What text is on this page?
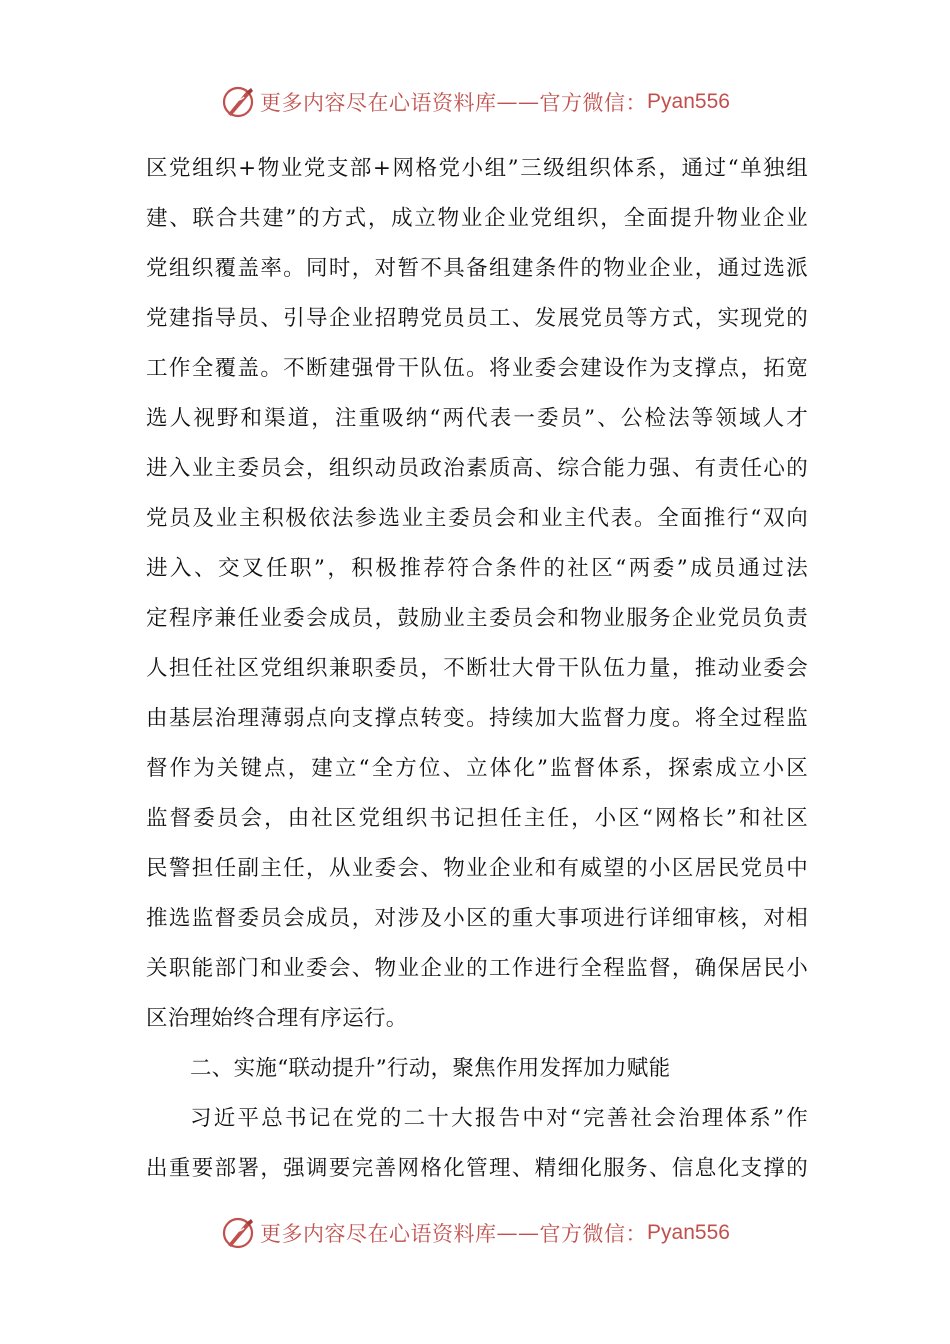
更多内容尽在心语资料库 —— 官方微信： Pyan556
区党组织+物业党支部+网格党小组”三级组织体系，通过“单独组
建、联合共建”的方式，成立物业企业党组织，全面提升物业企业
党组织覆盖率。同时，对暂不具备组建条件的物业企业，通过选派
党建指导员、引导企业招聘党员员工、发展党员等方式，实现党的
工作全覆盖。不断建强骨干队伍。将业委会建设作为支撑点，拓宽
选人视野和渠道，注重吸纳“两代表一委员”、公检法等领域人才
进入业主委员会，组织动员政治素质高、综合能力强、有责任心的
党员及业主积极依法参选业主委员会和业主代表。全面推行“双向
进入、交叉任职”，积极推荐符合条件的社区“两委”成员通过法
定程序兼任业委会成员，鼓励业主委员会和物业服务企业党员负责
人担任社区党组织兼职委员，不断壮大骨干队伍力量，推动业委会
由基层治理薄弱点向支撑点转变。持续加大监督力度。将全过程监
督作为关键点，建立“全方位、立体化”监督体系，探索成立小区
监督委员会，由社区党组织书记担任主任，小区“网格长”和社区
民警担任副主任，从业委会、物业企业和有威望的小区居民党员中
推选监督委员会成员，对涉及小区的重大事项进行详细审核，对相
关职能部门和业委会、物业企业的工作进行全程监督，确保居民小
区治理始终合理有序运行。
二、实施“联动提升”行动，聚焦作用发挥加力赋能
习近平总书记在党的二十大报告中对“完善社会治理体系”作
出重要部署，强调要完善网格化管理、精细化服务、信息化支撑的
更多内容尽在心语资料库 —— 官方微信： Pyan556
